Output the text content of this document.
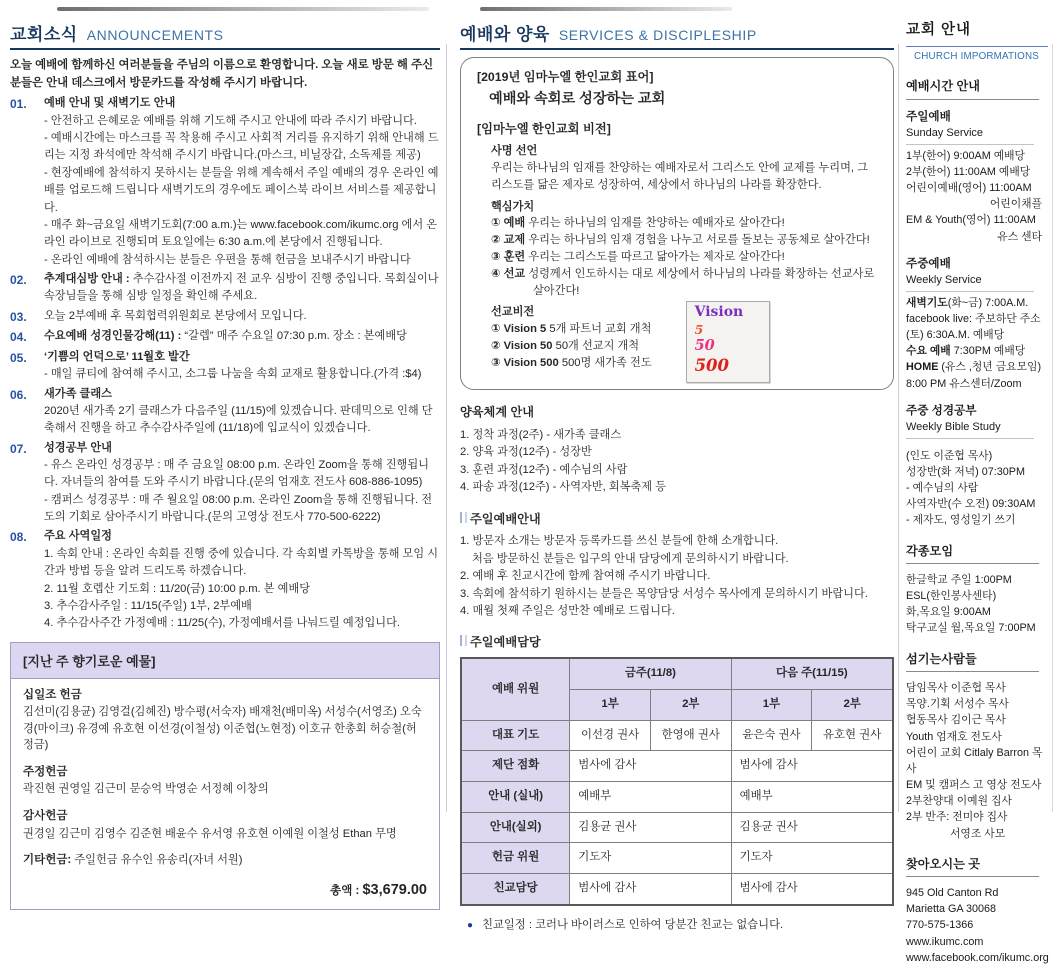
교회소식 ANNOUNCEMENTS
오늘 예배에 함께하신 여러분들을 주님의 이름으로 환영합니다. 오늘 새로 방문 해 주신 분들은 안내 데스크에서 방문카드를 작성해 주시기 바랍니다.
01.	예배 안내 및 새벽기도 안내
- 안전하고 은혜로운 예배를 위해 기도해 주시고 안내에 따라 주시기 바랍니다.
- 예배시간에는 마스크를 꼭 착용해 주시고 사회적 거리를 유지하기 위해 안내해 드리는 지정 좌석에만 착석해 주시기 바랍니다.(마스크, 비닐장갑, 소독제를 제공)
- 현장예배에 참석하지 못하시는 분들을 위해 계속해서 주일 예배의 경우 온라인 예배를 업로드해 드립니다 새벽기도의 경우에도 페이스북 라이브 서비스를 제공합니다.
- 매주 화~금요일 새벽기도회(7:00 a.m.)는 www.facebook.com/ikumc.org 에서 온라인 라이브로 진행되며 토요일에는 6:30 a.m.에 본당에서 진행됩니다.
- 온라인 예배에 참석하시는 분들은 우편을 통해 헌금을 보내주시기 바랍니다
02.	추계대심방 안내 : 추수감사절 이전까지 전 교우 심방이 진행 중입니다. 목회실이나 속장님들을 통해 심방 일정을 확인해 주세요.
03.	오늘 2부예배 후 목회협력위원회로 본당에서 모입니다.
04.	수요예배 성경인물강해(11) : “갈렙” 매주 수요일 07:30 p.m. 장소 : 본예배당
05.	‘기쁨의 언덕으로’ 11월호 발간
- 매일 큐티에 참여해 주시고, 소그룹 나눔을 속회 교재로 활용합니다.(가격 :$4)
06.	새가족 클래스
2020년 새가족 2기 클래스가 다음주일 (11/15)에 있겠습니다. 판데믹으로 인해 단축해서 진행을 하고 추수감사주일에 (11/18)에 입교식이 있겠습니다.
07.	성경공부 안내
- 유스 온라인 성경공부 : 매 주 금요일 08:00 p.m. 온라인 Zoom을 통해 진행됩니다. 자녀들의 참여를 도와 주시기 바랍니다.(문의 엄재호 전도사 608-886-1095)
- 캠퍼스 성경공부 : 매 주 월요일 08:00 p.m. 온라인 Zoom을 통해 진행됩니다. 전도의 기회로 삼아주시기 바랍니다.(문의 고영상 전도사 770-500-6222)
08.	주요 사역일정
1. 속회 안내 : 온라인 속회를 진행 중에 있습니다. 각 속회별 카톡방을 통해 모임 시간과 방법 등을 알려 드리도록 하겠습니다.
2. 11월 호렙산 기도회 : 11/20(금) 10:00 p.m. 본 예배당
3. 추수감사주일 : 11/15(주일) 1부, 2부예배
4. 추수감사주간 가정예배 : 11/25(수), 가정예배서를 나눠드릴 예정입니다.
[지난 주 향기로운 예물]
십일조 헌금
김선미(김용균) 김영걸(김혜진) 방수평(서숙자) 배재천(배미옥) 서성수(서영조) 오숙경(마이크) 유경예 유호현 이선경(이철성) 이준협(노현정) 이호규 한총회 허승철(허정금)
주정헌금
곽진현 권영일 김근미 문승억 박영순 서정혜 이창의
감사헌금
권경일 김근미 김영수 김준현 배윤수 유서영 유호현 이예원 이철성 Ethan 무명
기타헌금: 주일헌금 유수인 유송리(자녀 서원)
총액 : $3,679.00
예배와 양육 SERVICES & DISCIPLESHIP
[2019년 임마누엘 한인교회 표어]
예배와 속회로 성장하는 교회
[임마누엘 한인교회 비전]
사명 선언
우리는 하나님의 임재를 찬양하는 예배자로서 그리스도 안에 교제를 누리며, 그리스도를 닮은 제자로 성장하여, 세상에서 하나님의 나라를 확장한다.
핵심가치
① 예배 우리는 하나님의 임재를 찬양하는 예배자로 살아간다!
② 교제 우리는 하나님의 임재 경험을 나누고 서로를 돌보는 공동체로 살아간다!
③ 훈련 우리는 그리스도를 따르고 닮아가는 제자로 살아간다!
④ 선교 성령께서 인도하시는 대로 세상에서 하나님의 나라를 확장하는 선교사로
살아간다!
선교비전
① Vision 5 5개 파트너 교회 개척
② Vision 50 50개 선교지 개척
③ Vision 500 500명 새가족 전도
Vision
5
50
500
양육체계 안내
1. 정착 과정(2주) - 새가족 클래스
2. 양육 과정(12주) - 성장반
3. 훈련 과정(12주) - 예수님의 사람
4. 파송 과정(12주) - 사역자반, 회복축제 등
주일예배안내
1. 방문자 소개는 방문자 등록카드를 쓰신 분들에 한해 소개합니다.
처음 방문하신 분들은 입구의 안내 담당에게 문의하시기 바랍니다.
2. 예배 후 친교시간에 함께 참여해 주시기 바랍니다.
3. 속회에 참석하기 원하시는 분들은 목양담당 서성수 목사에게 문의하시기 바랍니다.
4. 매월 첫째 주일은 성만찬 예배로 드립니다.
주일예배담당
예배 위원	금주(11/8)		다음 주(11/15)	
	1부	2부	1부	2부
대표 기도	이선경 권사	한영애 권사	윤은숙 권사	유호현 권사
제단 점화	범사에 감사		범사에 감사	
안내 (실내)	예배부		예배부	
안내(실외)	김용균 권사		김용균 권사	
헌금 위원	기도자		기도자	
친교담당	범사에 감사		범사에 감사	
● 친교일정 : 코러나 바이러스로 인하여 당분간 친교는 없습니다.
교회 안내
CHURCH IMPORMATIONS
예배시간 안내
주일예배
Sunday Service
1부(한어) 9:00AM 예배당
2부(한어) 11:00AM 예배당
어린이예배(영어) 11:00AM
어린이채플
EM & Youth(영어) 11:00AM
유스 센타
주중예배
Weekly Service
새벽기도(화~금) 7:00A.M.
facebook live: 주보하단 주소
(토) 6:30A.M. 예배당
수요 예배 7:30PM 예배당
HOME (유스 ,청년 금요모임)
8:00 PM 유스센터/Zoom
주중 성경공부
Weekly Bible Study
(인도 이준협 목사)
성장반(화 저녁) 07:30PM
- 예수님의 사람
사역자반(수 오전) 09:30AM
- 제자도, 영성일기 쓰기
각종모임
한글학교 주일 1:00PM
ESL(한인봉사센타)
화,목요일 9:00AM
탁구교실 월,목요일 7:00PM
섬기는사람들
담임목사 이준협 목사
목양.기획 서성수 목사
협동목사 김이근 목사
Youth 엄재호 전도사
어린이 교회 Citlaly Barron 목사
EM 및 캠퍼스 고 영상 전도사
2부찬양대 이예원 집사
2부 반주: 전미야 집사
서영조 사모
찾아오시는 곳
945 Old Canton Rd
Marietta GA 30068
770-575-1366
www.ikumc.com
www.facebook.com/ikumc.org
